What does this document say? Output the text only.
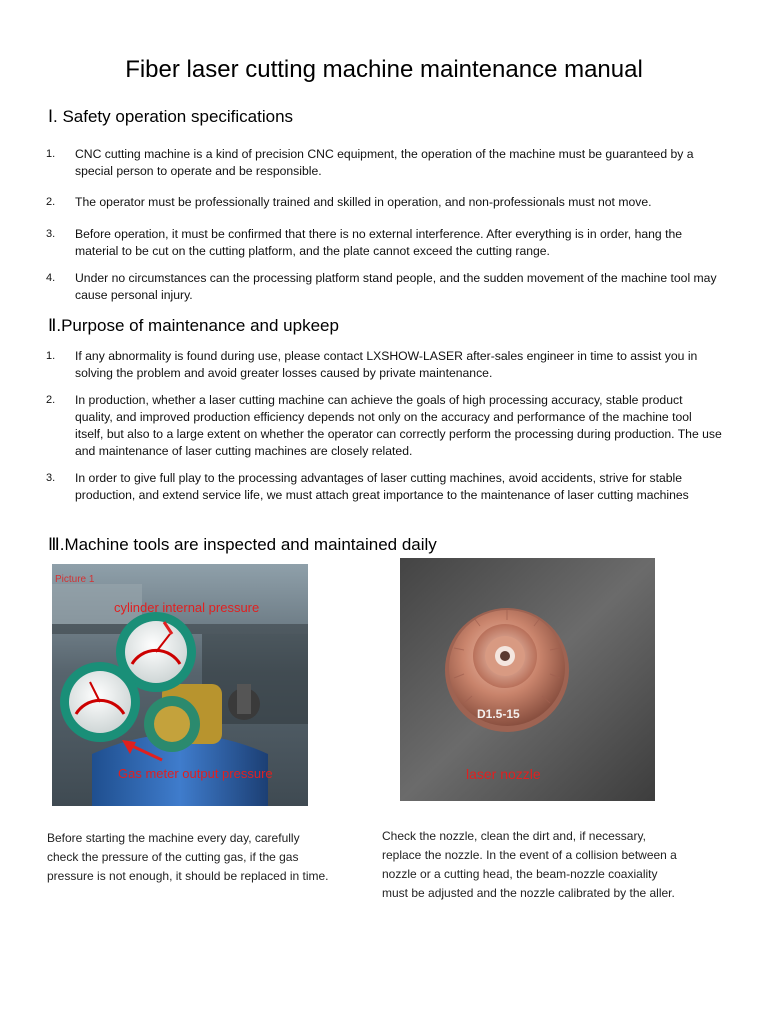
Fiber laser cutting machine maintenance manual
Ⅰ. Safety operation specifications
1. CNC cutting machine is a kind of precision CNC equipment, the operation of the machine must be guaranteed by a special person to operate and be responsible.
2. The operator must be professionally trained and skilled in operation, and non-professionals must not move.
3. Before operation, it must be confirmed that there is no external interference. After everything is in order, hang the material to be cut on the cutting platform, and the plate cannot exceed the cutting range.
4. Under no circumstances can the processing platform stand people, and the sudden movement of the machine tool may cause personal injury.
Ⅱ.Purpose of maintenance and upkeep
1. If any abnormality is found during use, please contact LXSHOW-LASER after-sales engineer in time to assist you in solving the problem and avoid greater losses caused by private maintenance.
2. In production, whether a laser cutting machine can achieve the goals of high processing accuracy, stable product quality, and improved production efficiency depends not only on the accuracy and performance of the machine tool itself, but also to a large extent on whether the operator can correctly perform the processing during production. The use and maintenance of laser cutting machines are closely related.
3. In order to give full play to the processing advantages of laser cutting machines, avoid accidents, strive for stable production, and extend service life, we must attach great importance to the maintenance of laser cutting machines
Ⅲ.Machine tools are inspected and maintained daily
Picture 1
cylinder internal pressure
Gas meter output pressure
D1.5-15
laser nozzle
Before starting the machine every day, carefully check the pressure of the cutting gas, if the gas pressure is not enough, it should be replaced in time.
Check the nozzle, clean the dirt and, if necessary, replace the nozzle. In the event of a collision between a nozzle or a cutting head, the beam-nozzle coaxiality must be adjusted and the nozzle calibrated by the aller.
